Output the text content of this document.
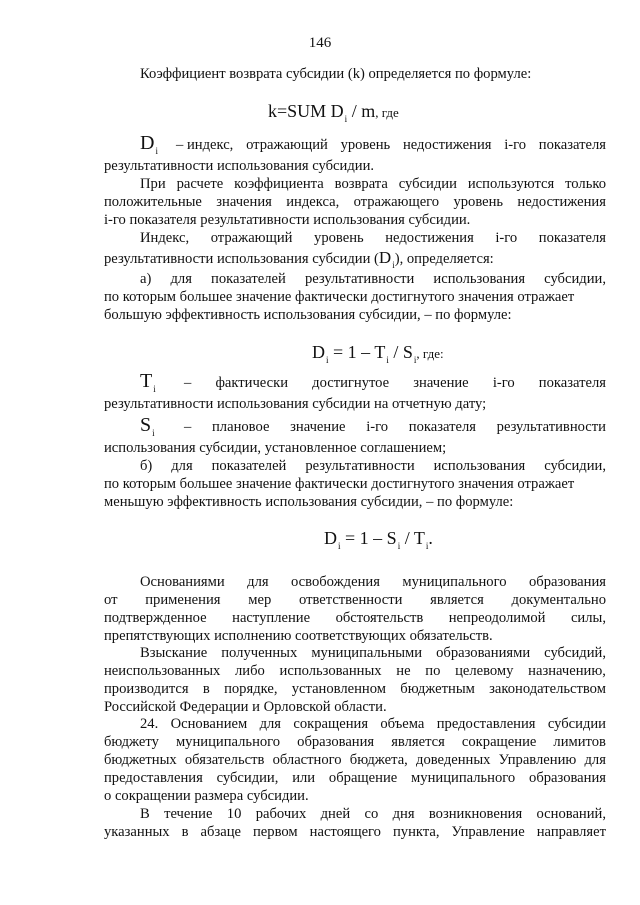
146
Коэффициент возврата субсидии (k) определяется по формуле:
k=SUM $D_i$ / m, где
$D_i$	– индекс, отражающий уровень недостижения i-го показателя
результативности использования субсидии.
При расчете коэффициента возврата субсидии используются только
положительные значения индекса, отражающего уровень недостижения
i-го показателя результативности использования субсидии.
Индекс, отражающий уровень недостижения i-го показателя
результативности использования субсидии ( D i ), определяется:
а) для показателей результативности использования субсидии,
по которым большее значение фактически достигнутого значения отражает
большую эффективность использования субсидии, – по формуле:
$D_i = 1 - T_i / S_i$, где:
$T_i$	– фактически достигнутое значение i-го показателя
результативности использования субсидии на отчетную дату;
$S_i$	– плановое значение i-го показателя результативности
использования субсидии, установленное соглашением;
б) для показателей результативности использования субсидии,
по которым большее значение фактически достигнутого значения отражает
меньшую эффективность использования субсидии, – по формуле:
$D_i = 1 - S_i / T_i$.
Основаниями для освобождения муниципального образования
от применения мер ответственности является документально
подтвержденное наступление обстоятельств непреодолимой силы,
препятствующих исполнению соответствующих обязательств.
Взыскание полученных муниципальными образованиями субсидий,
неиспользованных либо использованных не по целевому назначению,
производится в порядке, установленном бюджетным законодательством
Российской Федерации и Орловской области.
24. Основанием для сокращения объема предоставления субсидии
бюджету муниципального образования является сокращение лимитов
бюджетных обязательств областного бюджета, доведенных Управлению для
предоставления субсидии, или обращение муниципального образования
о сокращении размера субсидии.
В течение 10 рабочих дней со дня возникновения оснований,
указанных в абзаце первом настоящего пункта, Управление направляет
